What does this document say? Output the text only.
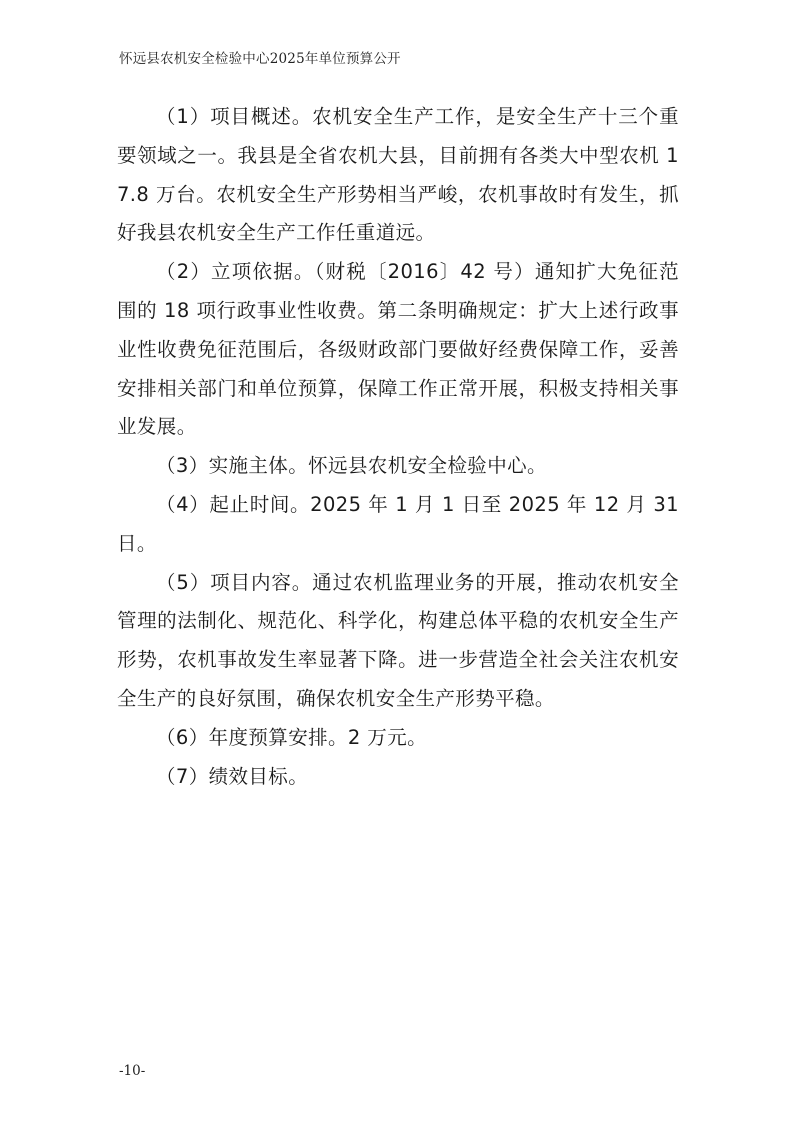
怀远县农机安全检验中心2025年单位预算公开

（1）项目概述。农机安全生产工作，是安全生产十三个重要领域之一。我县是全省农机大县，目前拥有各类大中型农机 17.8 万台。农机安全生产形势相当严峻，农机事故时有发生，抓好我县农机安全生产工作任重道远。

（2）立项依据。（财税〔2016〕42 号）通知扩大免征范围的 18 项行政事业性收费。第二条明确规定：扩大上述行政事业性收费免征范围后，各级财政部门要做好经费保障工作，妥善安排相关部门和单位预算，保障工作正常开展，积极支持相关事业发展。

（3）实施主体。怀远县农机安全检验中心。

（4）起止时间。2025 年 1 月 1 日至 2025 年 12 月 31 日。

（5）项目内容。通过农机监理业务的开展，推动农机安全管理的法制化、规范化、科学化，构建总体平稳的农机安全生产形势，农机事故发生率显著下降。进一步营造全社会关注农机安全生产的良好氛围，确保农机安全生产形势平稳。

（6）年度预算安排。2 万元。

（7）绩效目标。

-10-
